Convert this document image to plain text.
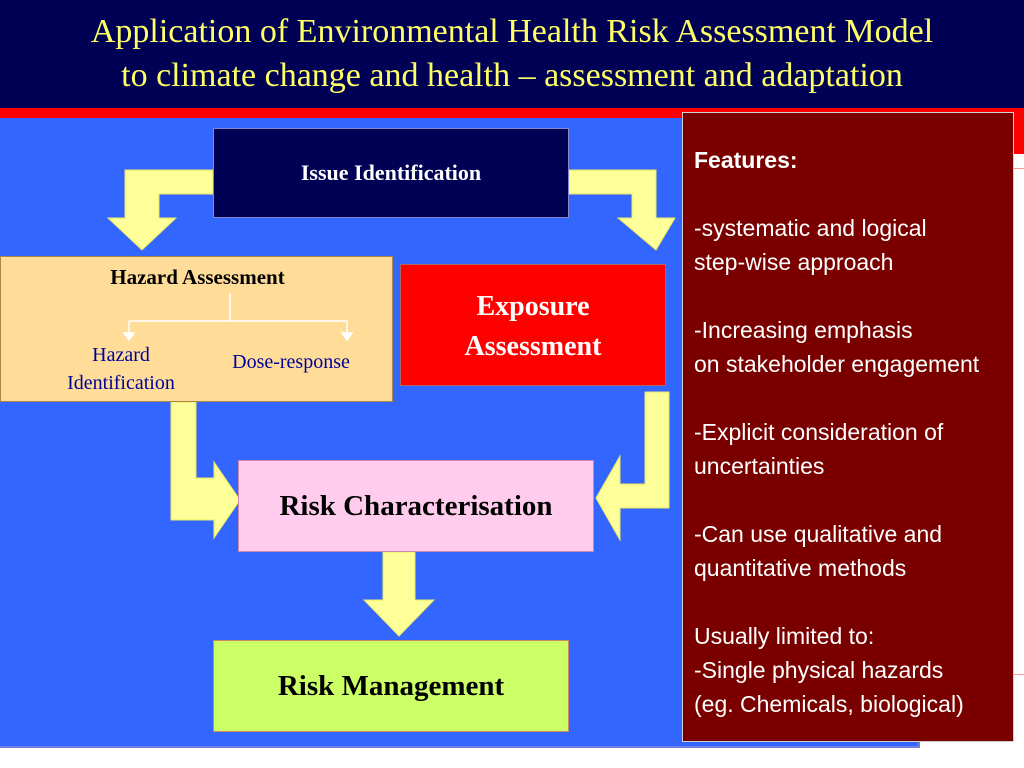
Application of Environmental Health Risk Assessment Model
to climate change and health – assessment and adaptation
Issue Identification
Hazard Assessment
Hazard
Identification
Dose-response
Exposure
Assessment
Risk Characterisation
Risk Management
Features:
-systematic and logical
step-wise approach
-Increasing emphasis
on stakeholder engagement
-Explicit consideration of
uncertainties
-Can use qualitative and
quantitative methods
Usually limited to:
-Single physical hazards
(eg. Chemicals, biological)
